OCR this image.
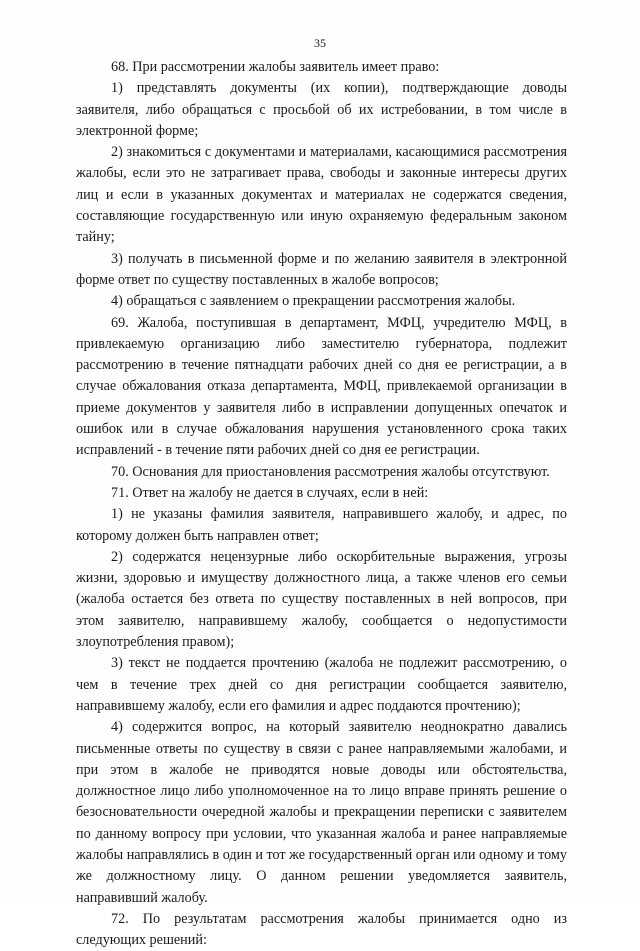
35

68. При рассмотрении жалобы заявитель имеет право:

1) представлять документы (их копии), подтверждающие доводы заявителя, либо обращаться с просьбой об их истребовании, в том числе в электронной форме;

2) знакомиться с документами и материалами, касающимися рассмотрения жалобы, если это не затрагивает права, свободы и законные интересы других лиц и если в указанных документах и материалах не содержатся сведения, составляющие государственную или иную охраняемую федеральным законом тайну;

3) получать в письменной форме и по желанию заявителя в электронной форме ответ по существу поставленных в жалобе вопросов;

4) обращаться с заявлением о прекращении рассмотрения жалобы.

69. Жалоба, поступившая в департамент, МФЦ, учредителю МФЦ, в привлекаемую организацию либо заместителю губернатора, подлежит рассмотрению в течение пятнадцати рабочих дней со дня ее регистрации, а в случае обжалования отказа департамента, МФЦ, привлекаемой организации в приеме документов у заявителя либо в исправлении допущенных опечаток и ошибок или в случае обжалования нарушения установленного срока таких исправлений - в течение пяти рабочих дней со дня ее регистрации.

70. Основания для приостановления рассмотрения жалобы отсутствуют.

71. Ответ на жалобу не дается в случаях, если в ней:

1) не указаны фамилия заявителя, направившего жалобу, и адрес, по которому должен быть направлен ответ;

2) содержатся нецензурные либо оскорбительные выражения, угрозы жизни, здоровью и имуществу должностного лица, а также членов его семьи (жалоба остается без ответа по существу поставленных в ней вопросов, при этом заявителю, направившему жалобу, сообщается о недопустимости злоупотребления правом);

3) текст не поддается прочтению (жалоба не подлежит рассмотрению, о чем в течение трех дней со дня регистрации сообщается заявителю, направившему жалобу, если его фамилия и адрес поддаются прочтению);

4) содержится вопрос, на который заявителю неоднократно давались письменные ответы по существу в связи с ранее направляемыми жалобами, и при этом в жалобе не приводятся новые доводы или обстоятельства, должностное лицо либо уполномоченное на то лицо вправе принять решение о безосновательности очередной жалобы и прекращении переписки с заявителем по данному вопросу при условии, что указанная жалоба и ранее направляемые жалобы направлялись в один и тот же государственный орган или одному и тому же должностному лицу. О данном решении уведомляется заявитель, направивший жалобу.

72. По результатам рассмотрения жалобы принимается одно из следующих решений:
